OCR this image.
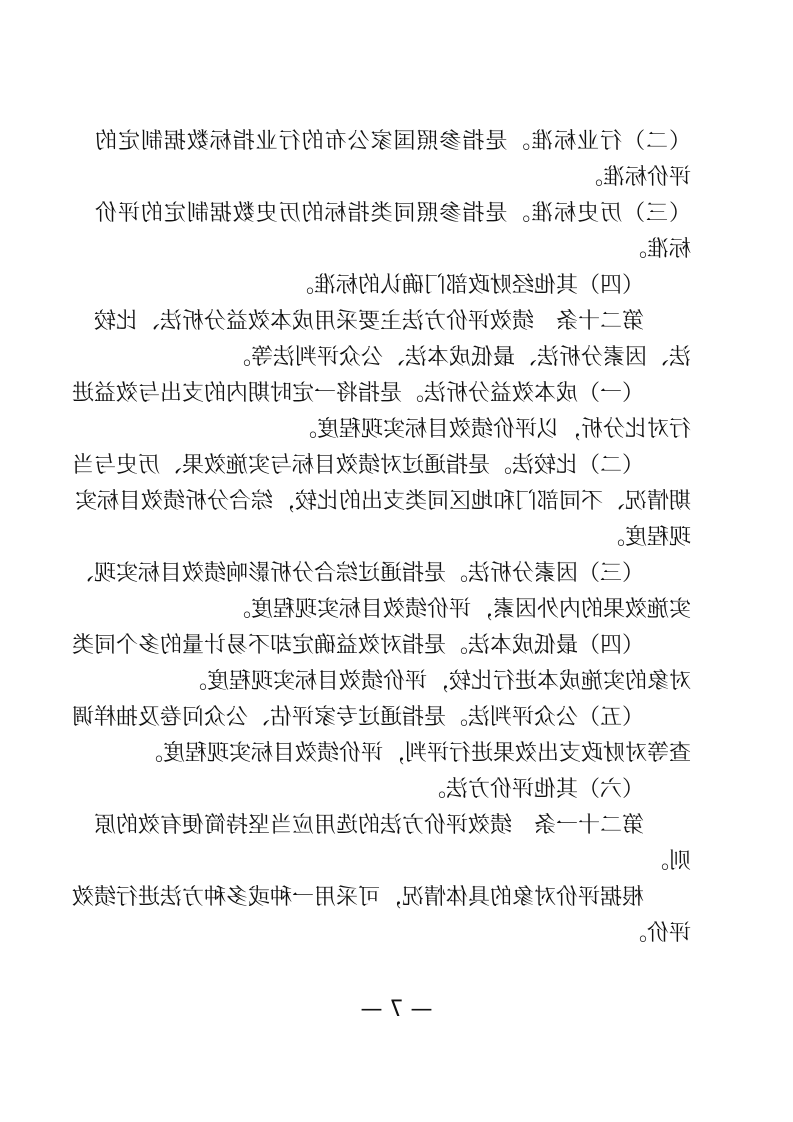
（二）行业标准。是指参照国家公布的行业指标数据制定的
评价标准。
（三）历史标准。是指参照同类指标的历史数据制定的评价
标准。
（四）其他经财政部门确认的标准。
第二十条　绩效评价方法主要采用成本效益分析法、比较
法、因素分析法、最低成本法、公众评判法等。
（一）成本效益分析法。是指将一定时期内的支出与效益进
行对比分析，以评价绩效目标实现程度。
（二）比较法。是指通过对绩效目标与实施效果、历史与当
期情况、不同部门和地区同类支出的比较，综合分析绩效目标实
现程度。
（三）因素分析法。是指通过综合分析影响绩效目标实现、
实施效果的内外因素，评价绩效目标实现程度。
（四）最低成本法。是指对效益确定却不易计量的多个同类
对象的实施成本进行比较，评价绩效目标实现程度。
（五）公众评判法。是指通过专家评估、公众问卷及抽样调
查等对财政支出效果进行评判，评价绩效目标实现程度。
（六）其他评价方法。
第二十一条　绩效评价方法的选用应当坚持简便有效的原
则。
根据评价对象的具体情况，可采用一种或多种方法进行绩效
评价。
— 7 —
